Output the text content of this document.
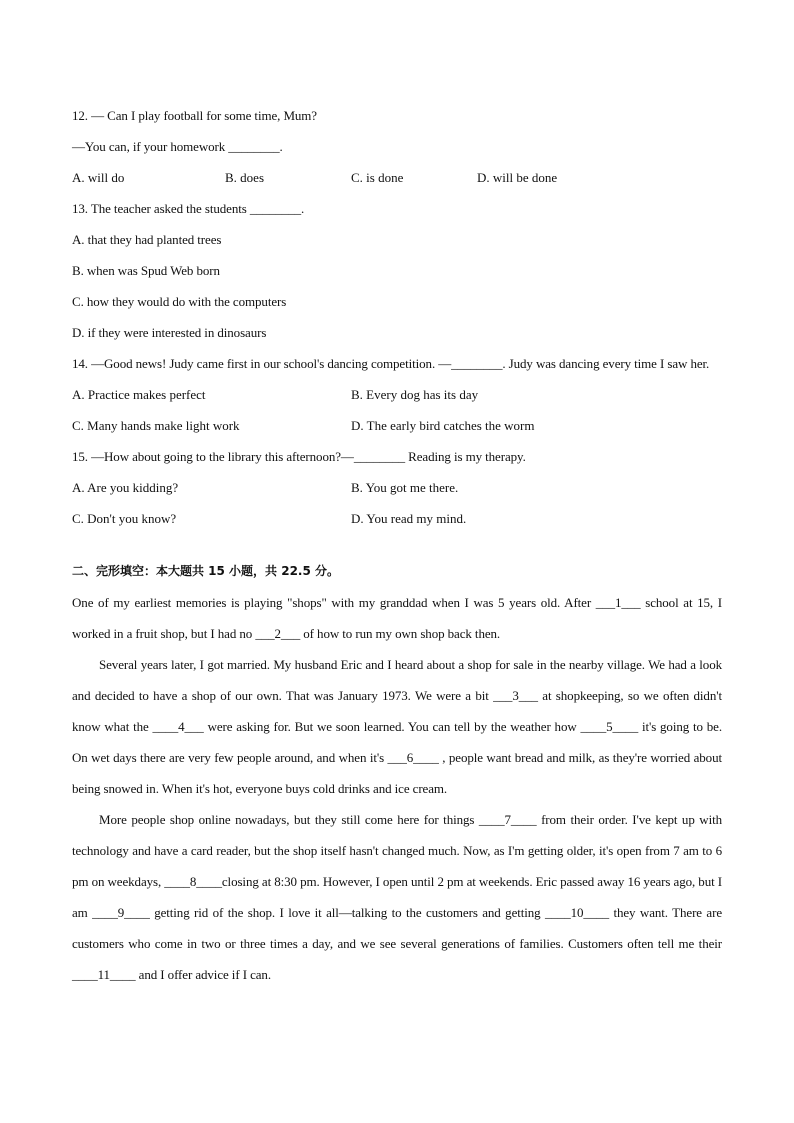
12. — Can I play football for some time, Mum?
—You can, if your homework ________.
A. will do	B. does	C. is done	D. will be done
13. The teacher asked the students ________.
A. that they had planted trees
B. when was Spud Web born
C. how they would do with the computers
D. if they were interested in dinosaurs
14. —Good news! Judy came first in our school's dancing competition. —________. Judy was dancing every time I saw her.
A. Practice makes perfect	B. Every dog has its day
C. Many hands make light work	D. The early bird catches the worm
15. —How about going to the library this afternoon?—________ Reading is my therapy.
A. Are you kidding?	B. You got me there.
C. Don't you know?	D. You read my mind.
二、完形填空：本大题共 15 小题，共 22.5 分。
One of my earliest memories is playing "shops" with my granddad when I was 5 years old. After ___1___ school at 15, I worked in a fruit shop, but I had no ___2___ of how to run my own shop back then.
Several years later, I got married. My husband Eric and I heard about a shop for sale in the nearby village. We had a look and decided to have a shop of our own. That was January 1973. We were a bit ___3___ at shopkeeping, so we often didn't know what the ____4___ were asking for. But we soon learned. You can tell by the weather how ____5____ it's going to be. On wet days there are very few people around, and when it's ___6____ , people want bread and milk, as they're worried about being snowed in. When it's hot, everyone buys cold drinks and ice cream.
More people shop online nowadays, but they still come here for things ____7____ from their order. I've kept up with technology and have a card reader, but the shop itself hasn't changed much. Now, as I'm getting older, it's open from 7 am to 6 pm on weekdays, ____8____closing at 8:30 pm. However, I open until 2 pm at weekends. Eric passed away 16 years ago, but I am ____9____ getting rid of the shop. I love it all—talking to the customers and getting ____10____ they want. There are customers who come in two or three times a day, and we see several generations of families. Customers often tell me their ____11____ and I offer advice if I can.
